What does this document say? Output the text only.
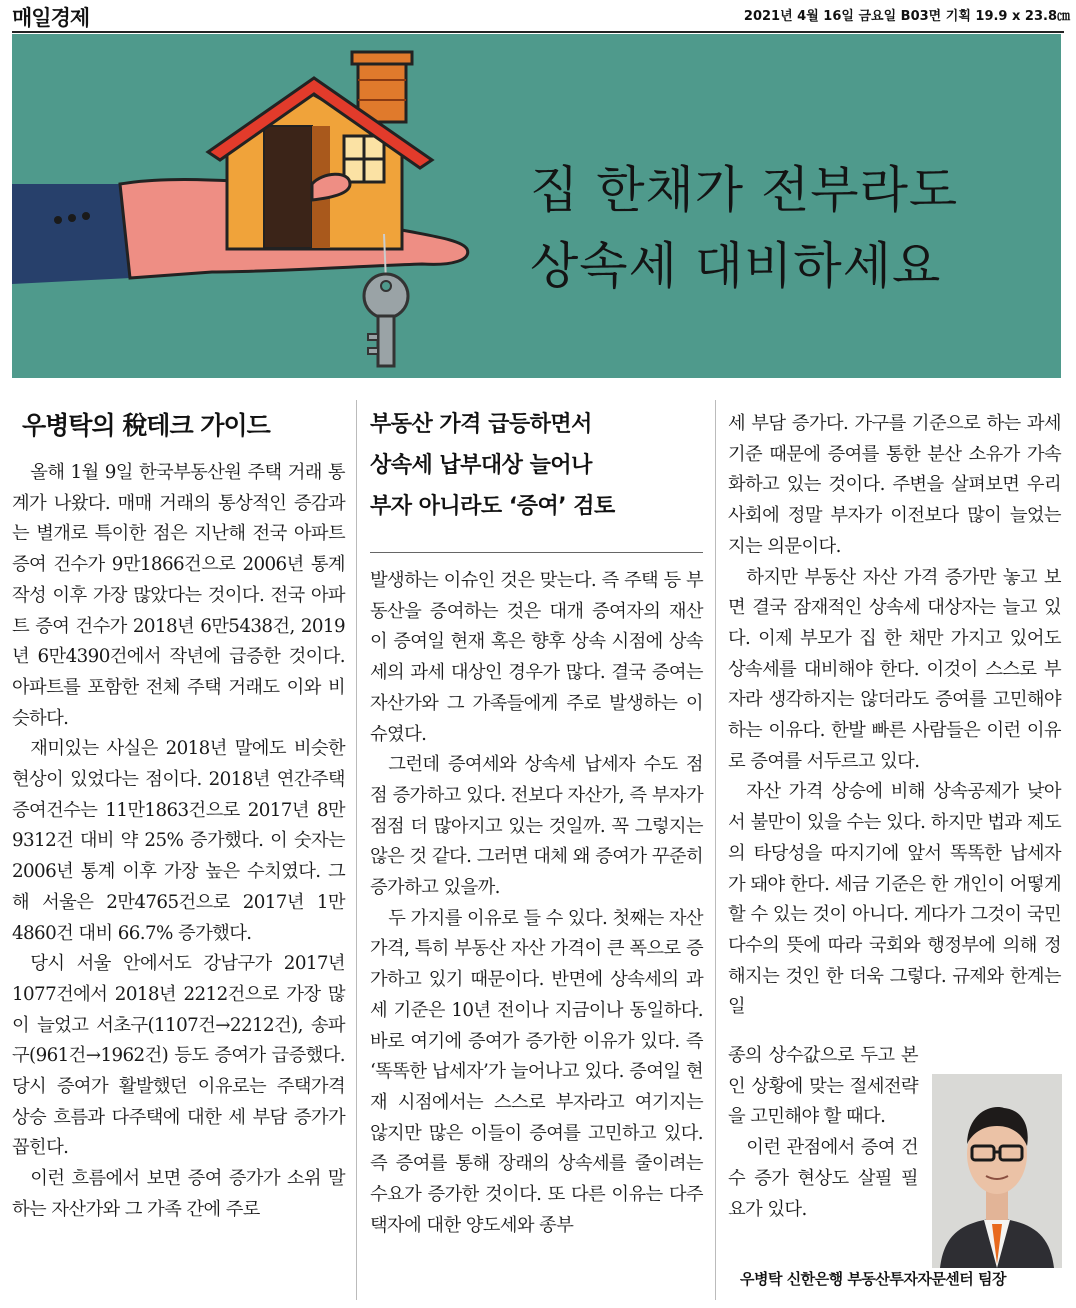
매일경제	2021년 4월 16일 금요일 B03면 기획 19.9 x 23.8㎝
집 한채가 전부라도
상속세 대비하세요
우병탁의 稅테크 가이드	부동산 가격 급등하면서
상속세 납부대상 늘어나
부자 아니라도 ‘증여’ 검토

올해 1월 9일 한국부동산원 주택 거래 통계가 나왔다. 매매 거래의 통상적인 증감과는 별개로 특이한 점은 지난해 전국 아파트 증여 건수가 9만1866건으로 2006년 통계 작성 이후 가장 많았다는 것이다. 전국 아파트 증여 건수가 2018년 6만5438건, 2019년 6만4390건에서 작년에 급증한 것이다. 아파트를 포함한 전체 주택 거래도 이와 비슷하다.

재미있는 사실은 2018년 말에도 비슷한 현상이 있었다는 점이다. 2018년 연간주택증여건수는 11만1863건으로 2017년 8만9312건 대비 약 25% 증가했다. 이 숫자는 2006년 통계 이후 가장 높은 수치였다. 그해 서울은 2만4765건으로 2017년 1만4860건 대비 66.7% 증가했다.

당시 서울 안에서도 강남구가 2017년 1077건에서 2018년 2212건으로 가장 많이 늘었고 서초구(1107건→2212건), 송파구(961건→1962건) 등도 증여가 급증했다. 당시 증여가 활발했던 이유로는 주택가격 상승 흐름과 다주택에 대한 세 부담 증가가 꼽힌다.

이런 흐름에서 보면 증여 증가가 소위 말하는 자산가와 그 가족 간에 주로

발생하는 이슈인 것은 맞는다. 즉 주택 등 부동산을 증여하는 것은 대개 증여자의 재산이 증여일 현재 혹은 향후 상속 시점에 상속세의 과세 대상인 경우가 많다. 결국 증여는 자산가와 그 가족들에게 주로 발생하는 이슈였다.

그런데 증여세와 상속세 납세자 수도 점점 증가하고 있다. 전보다 자산가, 즉 부자가 점점 더 많아지고 있는 것일까. 꼭 그렇지는 않은 것 같다. 그러면 대체 왜 증여가 꾸준히 증가하고 있을까.

두 가지를 이유로 들 수 있다. 첫째는 자산 가격, 특히 부동산 자산 가격이 큰 폭으로 증가하고 있기 때문이다. 반면에 상속세의 과세 기준은 10년 전이나 지금이나 동일하다. 바로 여기에 증여가 증가한 이유가 있다. 즉 ‘똑똑한 납세자’가 늘어나고 있다. 증여일 현재 시점에서는 스스로 부자라고 여기지는 않지만 많은 이들이 증여를 고민하고 있다. 즉 증여를 통해 장래의 상속세를 줄이려는 수요가 증가한 것이다. 또 다른 이유는 다주택자에 대한 양도세와 종부

세 부담 증가다. 가구를 기준으로 하는 과세 기준 때문에 증여를 통한 분산 소유가 가속화하고 있는 것이다. 주변을 살펴보면 우리 사회에 정말 부자가 이전보다 많이 늘었는지는 의문이다.

하지만 부동산 자산 가격 증가만 놓고 보면 결국 잠재적인 상속세 대상자는 늘고 있다. 이제 부모가 집 한 채만 가지고 있어도 상속세를 대비해야 한다. 이것이 스스로 부자라 생각하지는 않더라도 증여를 고민해야 하는 이유다. 한발 빠른 사람들은 이런 이유로 증여를 서두르고 있다.

자산 가격 상승에 비해 상속공제가 낮아서 불만이 있을 수는 있다. 하지만 법과 제도의 타당성을 따지기에 앞서 똑똑한 납세자가 돼야 한다. 세금 기준은 한 개인이 어떻게 할 수 있는 것이 아니다. 게다가 그것이 국민 다수의 뜻에 따라 국회와 행정부에 의해 정해지는 것인 한 더욱 그렇다. 규제와 한계는 일

종의 상수값으로 두고 본인 상황에 맞는 절세전략을 고민해야 할 때다.

이런 관점에서 증여 건수 증가 현상도 살필 필요가 있다.

우병탁 신한은행 부동산투자자문센터 팀장
